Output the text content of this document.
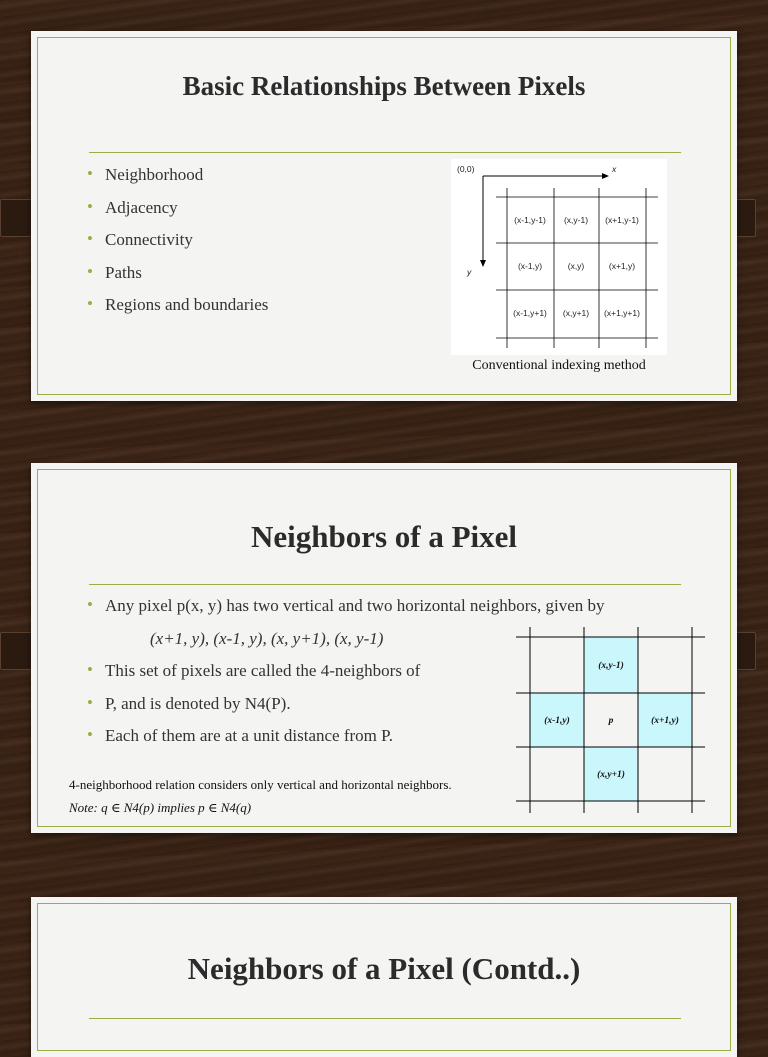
Basic Relationships Between Pixels
• Neighborhood
• Adjacency
• Connectivity
• Paths
• Regions and boundaries
(0,0)	x
y
(x-1,y-1) (x,y-1) (x+1,y-1)
(x-1,y)	(x,y)	(x+1,y)
(x-1,y+1) (x,y+1) (x+1,y+1)
Conventional indexing method
Neighbors of a Pixel
• Any pixel p(x, y) has two vertical and two horizontal neighbors, given by
(x+1, y), (x-1, y), (x, y+1), (x, y-1)
• This set of pixels are called the 4-neighbors of
• P, and is denoted by N4(P).
• Each of them are at a unit distance from P.
4-neighborhood relation considers only vertical and horizontal neighbors.
Note: q ∈ N4(p) implies p ∈ N4(q)
(x,y-1)
(x-1,y)	p	(x+1,y)
(x,y+1)
Neighbors of a Pixel (Contd..)
